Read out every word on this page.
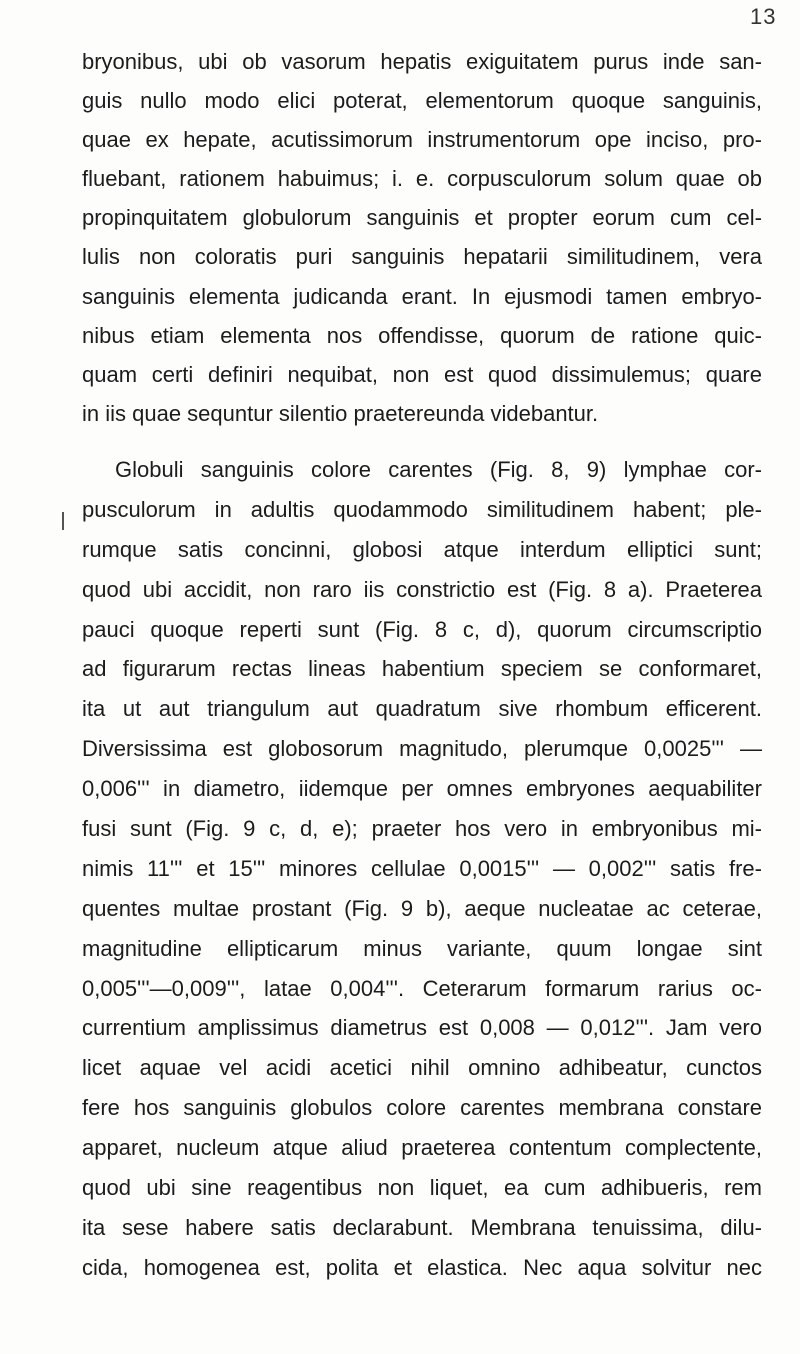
13
bryonibus, ubi ob vasorum hepatis exiguitatem purus inde san-
guis nullo modo elici poterat, elementorum quoque sanguinis,
quae ex hepate, acutissimorum instrumentorum ope inciso, pro-
fluebant, rationem habuimus; i. e. corpusculorum solum quae ob
propinquitatem globulorum sanguinis et propter eorum cum cel-
lulis non coloratis puri sanguinis hepatarii similitudinem, vera
sanguinis elementa judicanda erant. In ejusmodi tamen embryo-
nibus etiam elementa nos offendisse, quorum de ratione quic-
quam certi definiri nequibat, non est quod dissimulemus; quare
in iis quae sequntur silentio praetereunda videbantur.
Globuli sanguinis colore carentes (Fig. 8, 9) lymphae cor-
pusculorum in adultis quodammodo similitudinem habent; ple-
rumque satis concinni, globosi atque interdum elliptici sunt;
quod ubi accidit, non raro iis constrictio est (Fig. 8 a). Praeterea
pauci quoque reperti sunt (Fig. 8 c, d), quorum circumscriptio
ad figurarum rectas lineas habentium speciem se conformaret,
ita ut aut triangulum aut quadratum sive rhombum efficerent.
Diversissima est globosorum magnitudo, plerumque 0,0025''' —
0,006''' in diametro, iidemque per omnes embryones aequabiliter
fusi sunt (Fig. 9 c, d, e); praeter hos vero in embryonibus mi-
nimis 11''' et 15''' minores cellulae 0,0015''' — 0,002''' satis fre-
quentes multae prostant (Fig. 9 b), aeque nucleatae ac ceterae,
magnitudine ellipticarum minus variante, quum longae sint
0,005'''—0,009''', latae 0,004'''. Ceterarum formarum rarius oc-
currentium amplissimus diametrus est 0,008 — 0,012'''. Jam vero
licet aquae vel acidi acetici nihil omnino adhibeatur, cunctos
fere hos sanguinis globulos colore carentes membrana constare
apparet, nucleum atque aliud praeterea contentum complectente,
quod ubi sine reagentibus non liquet, ea cum adhibueris, rem
ita sese habere satis declarabunt. Membrana tenuissima, dilu-
cida, homogenea est, polita et elastica. Nec aqua solvitur nec
